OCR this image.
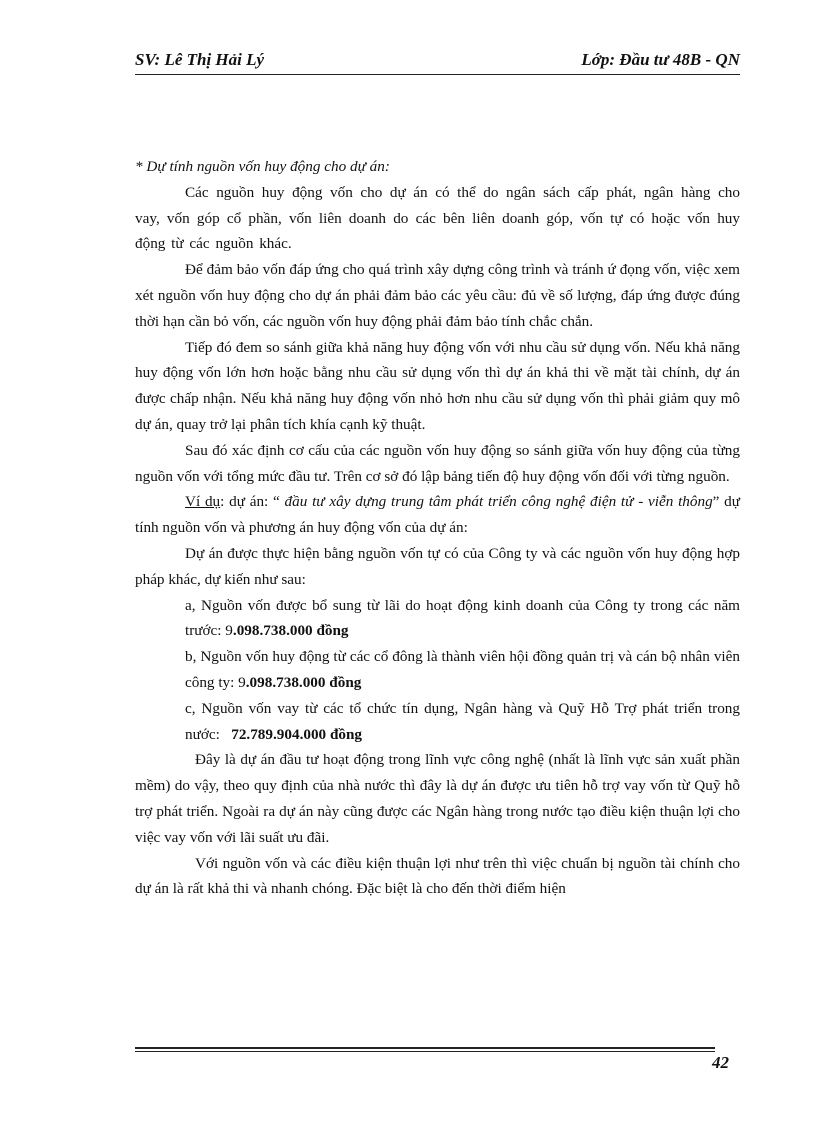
SV: Lê Thị Hải Lý	Lớp: Đầu tư 48B - QN

* Dự tính nguồn vốn huy động cho dự án:

Các nguồn huy động vốn cho dự án có thể do ngân sách cấp phát, ngân hàng cho vay, vốn góp cổ phần, vốn liên doanh do các bên liên doanh góp, vốn tự có hoặc vốn huy động từ các nguồn khác.

Để đảm bảo vốn đáp ứng cho quá trình xây dựng công trình và tránh ứ đọng vốn, việc xem xét nguồn vốn huy động cho dự án phải đảm bảo các yêu cầu: đủ về số lượng, đáp ứng được đúng thời hạn cần bỏ vốn, các nguồn vốn huy động phải đảm bảo tính chắc chắn.

Tiếp đó đem so sánh giữa khả năng huy động vốn với nhu cầu sử dụng vốn. Nếu khả năng huy động vốn lớn hơn hoặc bằng nhu cầu sử dụng vốn thì dự án khả thi về mặt tài chính, dự án được chấp nhận. Nếu khả năng huy động vốn nhỏ hơn nhu cầu sử dụng vốn thì phải giảm quy mô dự án, quay trở lại phân tích khía cạnh kỹ thuật.

Sau đó xác định cơ cấu của các nguồn vốn huy động so sánh giữa vốn huy động của từng nguồn vốn với tổng mức đầu tư. Trên cơ sở đó lập bảng tiến độ huy động vốn đối với từng nguồn.

Ví dụ: dự án: “ đầu tư xây dựng trung tâm phát triển công nghệ điện tử - viễn thông” dự tính nguồn vốn và phương án huy động vốn của dự án:

Dự án được thực hiện bằng nguồn vốn tự có của Công ty và các nguồn vốn huy động hợp pháp khác, dự kiến như sau:

a, Nguồn vốn được bổ sung từ lãi do hoạt động kinh doanh của Công ty trong các năm trước: 9.098.738.000 đồng

b, Nguồn vốn huy động từ các cổ đông là thành viên hội đồng quản trị và cán bộ nhân viên công ty: 9.098.738.000 đồng

c, Nguồn vốn vay từ các tổ chức tín dụng, Ngân hàng và Quỹ Hỗ Trợ phát triển trong nước:   72.789.904.000 đồng

Đây là dự án đầu tư hoạt động trong lĩnh vực công nghệ (nhất là lĩnh vực sản xuất phần mềm) do vậy, theo quy định của nhà nước thì đây là dự án được ưu tiên hỗ trợ vay vốn từ Quỹ hỗ trợ phát triển. Ngoài ra dự án này cũng được các Ngân hàng trong nước tạo điều kiện thuận lợi cho việc vay vốn với lãi suất ưu đãi.

Với nguồn vốn và các điều kiện thuận lợi như trên thì việc chuẩn bị nguồn tài chính cho dự án là rất khả thi và nhanh chóng. Đặc biệt là cho đến thời điểm hiện

42
